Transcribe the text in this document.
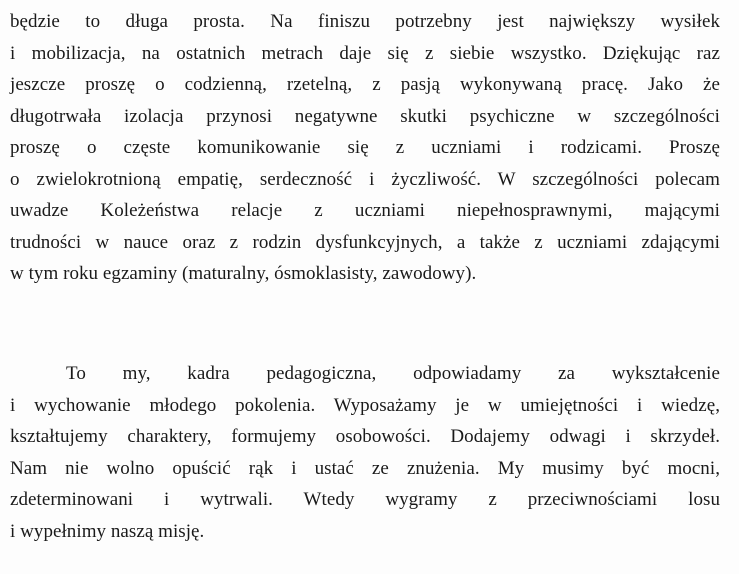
będzie to długa prosta. Na finiszu potrzebny jest największy wysiłek
i mobilizacja, na ostatnich metrach daje się z siebie wszystko. Dziękując raz
jeszcze proszę o codzienną, rzetelną, z pasją wykonywaną pracę. Jako że
długotrwała izolacja przynosi negatywne skutki psychiczne w szczególności
proszę o częste komunikowanie się z uczniami i rodzicami. Proszę
o zwielokrotnioną empatię, serdeczność i życzliwość. W szczególności polecam
uwadze Koleżeństwa relacje z uczniami niepełnosprawnymi, mającymi
trudności w nauce oraz z rodzin dysfunkcyjnych, a także z uczniami zdającymi
w tym roku egzaminy (maturalny, ósmoklasisty, zawodowy).
To my, kadra pedagogiczna, odpowiadamy za wykształcenie
i wychowanie młodego pokolenia. Wyposażamy je w umiejętności i wiedzę,
kształtujemy charaktery, formujemy osobowości. Dodajemy odwagi i skrzydeł.
Nam nie wolno opuścić rąk i ustać ze znużenia. My musimy być mocni,
zdeterminowani i wytrwali. Wtedy wygramy z przeciwnościami losu
i wypełnimy naszą misję.
